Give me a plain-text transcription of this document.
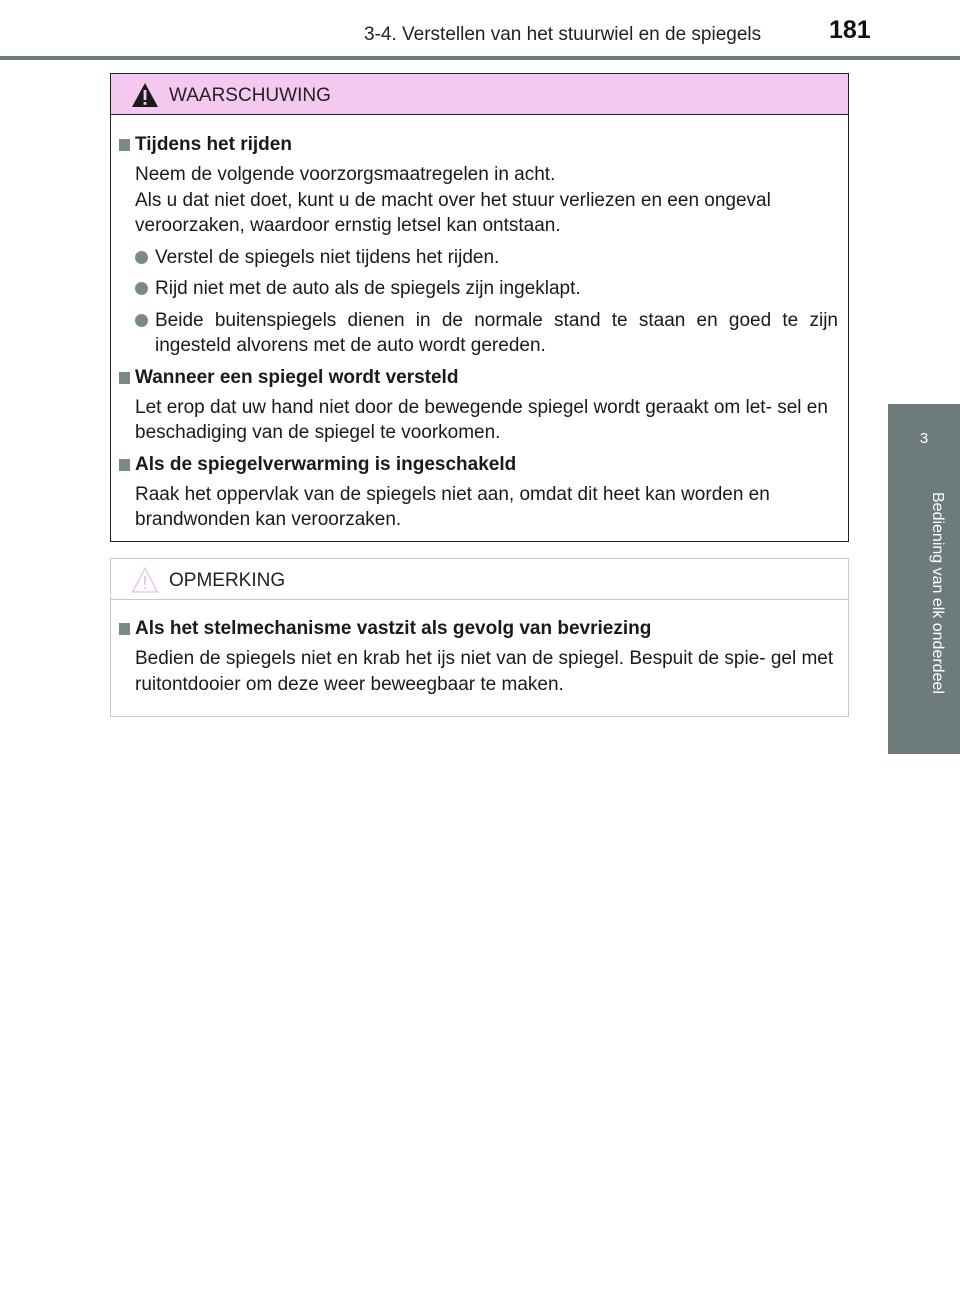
3-4. Verstellen van het stuurwiel en de spiegels	181
3
Bediening van elk onderdeel
WAARSCHUWING
Tijdens het rijden

Neem de volgende voorzorgsmaatregelen in acht.

Als u dat niet doet, kunt u de macht over het stuur verliezen en een ongeval veroorzaken, waardoor ernstig letsel kan ontstaan.

Verstel de spiegels niet tijdens het rijden.
Rijd niet met de auto als de spiegels zijn ingeklapt.
Beide buitenspiegels dienen in de normale stand te staan en goed te zijn ingesteld alvorens met de auto wordt gereden.
Wanneer een spiegel wordt versteld

Let erop dat uw hand niet door de bewegende spiegel wordt geraakt om let- sel en beschadiging van de spiegel te voorkomen.

Als de spiegelverwarming is ingeschakeld

Raak het oppervlak van de spiegels niet aan, omdat dit heet kan worden en brandwonden kan veroorzaken.

OPMERKING
Als het stelmechanisme vastzit als gevolg van bevriezing

Bedien de spiegels niet en krab het ijs niet van de spiegel. Bespuit de spie- gel met ruitontdooier om deze weer beweegbaar te maken.
